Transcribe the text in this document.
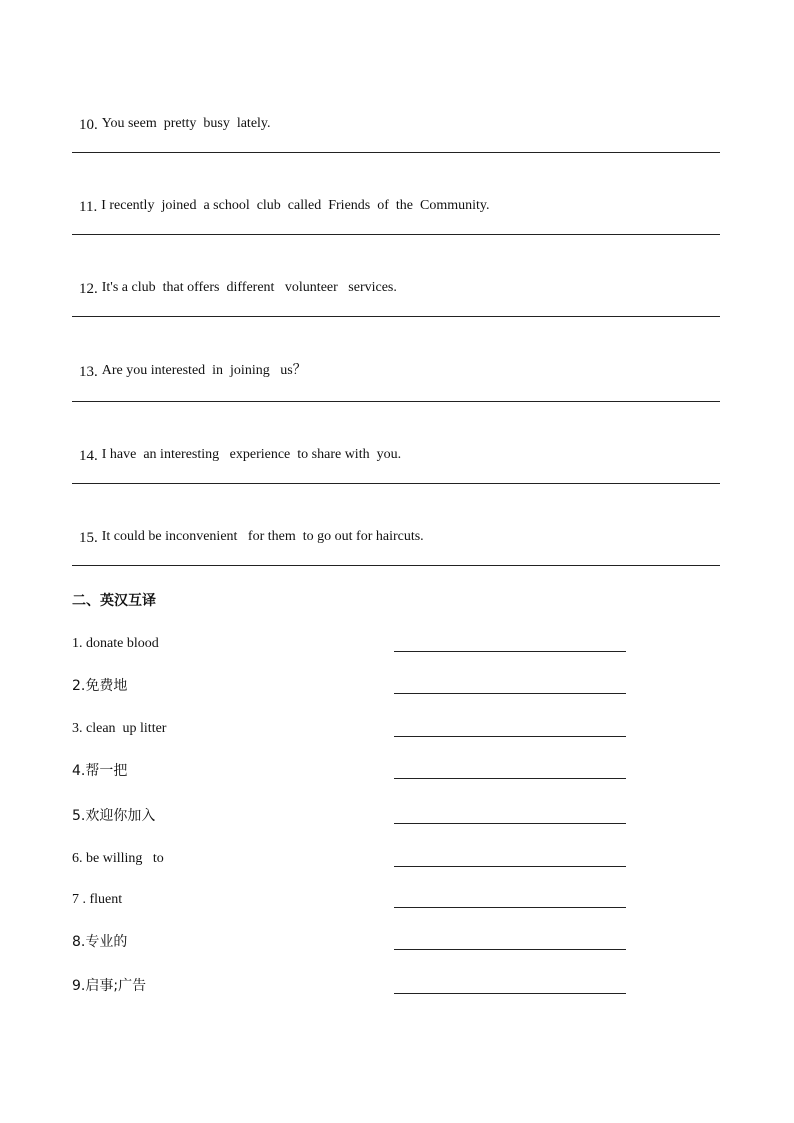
10. You seem  pretty  busy  lately.

11. I recently  joined  a school  club  called  Friends  of  the  Community.

12. It's a club  that offers  different   volunteer   services.

13. Are you interested  in  joining   us？

14. I have  an interesting   experience  to share with  you.

15. It could be inconvenient   for them  to go out for haircuts.

二、英汉互译
1. donate blood
2.免费地
3. clean  up litter
4.帮一把
5.欢迎你加入
6. be willing   to
7 . fluent
8.专业的
9.启事;广告
